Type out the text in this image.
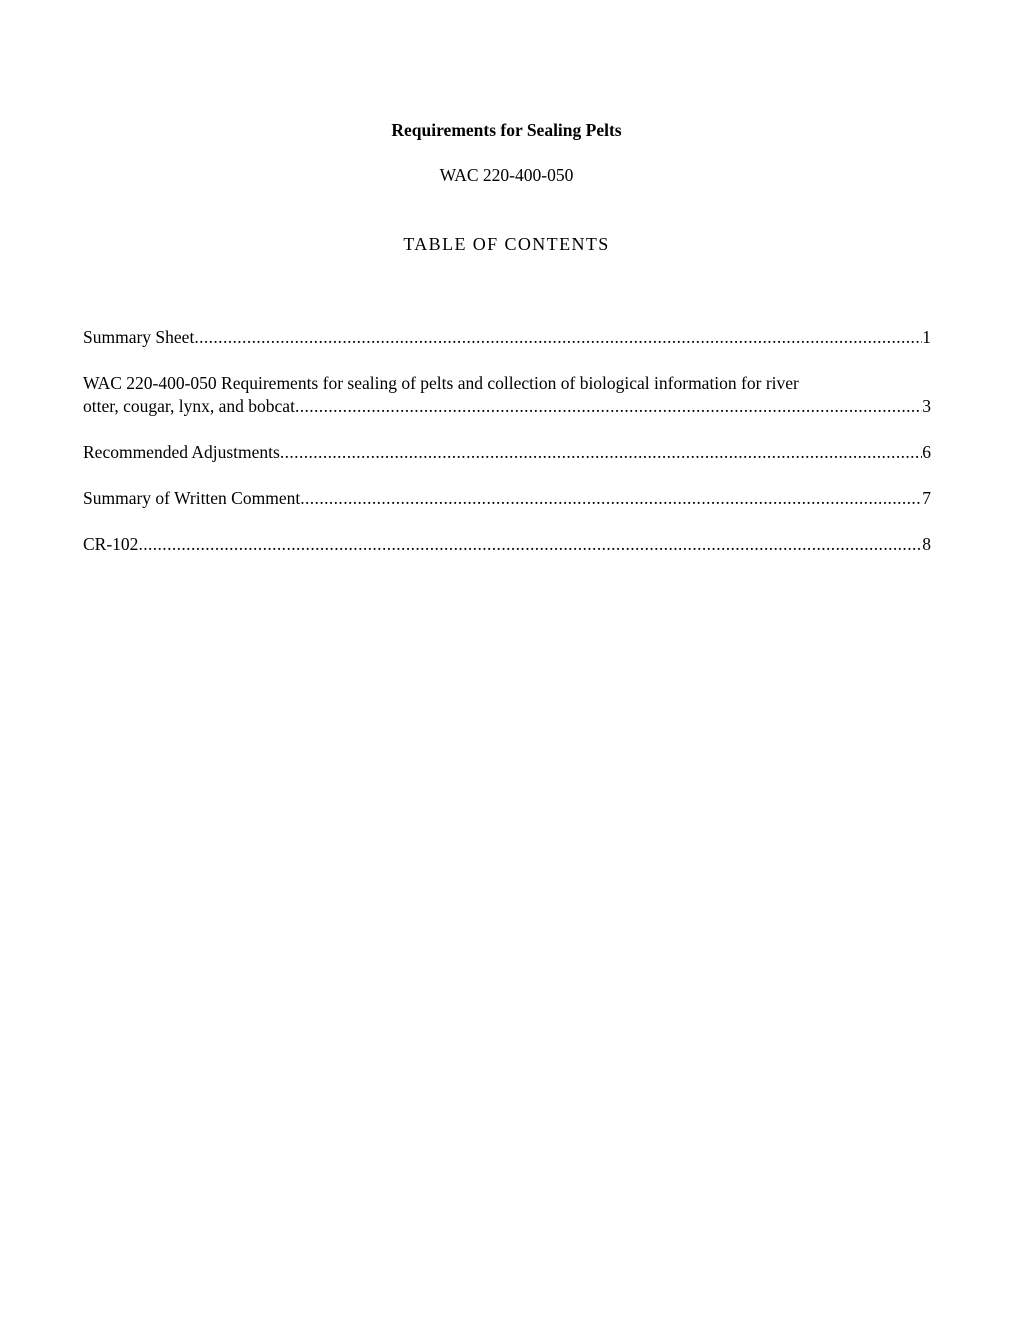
Requirements for Sealing Pelts
WAC 220-400-050
TABLE OF CONTENTS
Summary Sheet .....	1
WAC 220-400-050 Requirements for sealing of pelts and collection of biological information for river
otter, cougar, lynx, and bobcat .....	3
Recommended Adjustments .....	6
Summary of Written Comment .....	7
CR-102 .....	8
